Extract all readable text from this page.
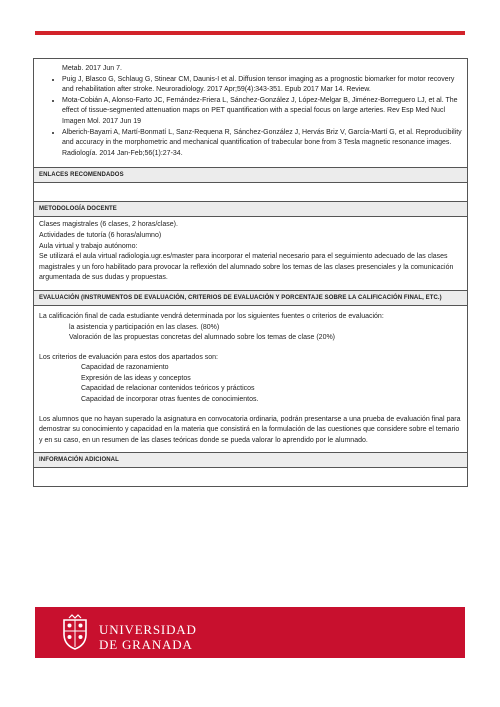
Metab. 2017 Jun 7.
• Puig J, Blasco G, Schlaug G, Stinear CM, Daunis-I et al. Diffusion tensor imaging as a prognostic biomarker for motor recovery and rehabilitation after stroke. Neuroradiology. 2017 Apr;59(4):343-351. Epub 2017 Mar 14. Review.
• Mota-Cobián A, Alonso-Farto JC, Fernández-Friera L, Sánchez-González J, López-Melgar B, Jiménez-Borreguero LJ, et al. The effect of tissue-segmented attenuation maps on PET quantification with a special focus on large arteries. Rev Esp Med Nucl Imagen Mol. 2017 Jun 19
• Alberich-Bayarri A, Martí-Bonmatí L, Sanz-Requena R, Sánchez-González J, Hervás Briz V, García-Martí G, et al. Reproducibility and accuracy in the morphometric and mechanical quantification of trabecular bone from 3 Tesla magnetic resonance images. Radiología. 2014 Jan-Feb;56(1):27-34.
ENLACES RECOMENDADOS
METODOLOGÍA DOCENTE

Clases magistrales (6 clases, 2 horas/clase).

Actividades de tutoría (6 horas/alumno)

Aula virtual y trabajo autónomo:

Se utilizará el aula virtual radiologia.ugr.es/master para incorporar el material necesario para el seguimiento adecuado de las clases magistrales y un foro habilitado para provocar la reflexión del alumnado sobre los temas de las clases presenciales y la comunicación argumentada de sus dudas y propuestas.

EVALUACIÓN (INSTRUMENTOS DE EVALUACIÓN, CRITERIOS DE EVALUACIÓN Y PORCENTAJE SOBRE LA CALIFICACIÓN FINAL, ETC.)

La calificación final de cada estudiante vendrá determinada por los siguientes fuentes o criterios de evaluación:

la asistencia y participación en las clases. (80%)

Valoración de las propuestas concretas del alumnado sobre los temas de clase (20%)

Los criterios de evaluación para estos dos apartados son:

Capacidad de razonamiento

Expresión de las ideas y conceptos

Capacidad de relacionar contenidos teóricos y prácticos

Capacidad de incorporar otras fuentes de conocimientos.

Los alumnos que no hayan superado la asignatura en convocatoria ordinaria, podrán presentarse a una prueba de evaluación final para demostrar su conocimiento y capacidad en la materia que consistirá en la formulación de las cuestiones que considere sobre el temario y en su caso, en un resumen de las clases teóricas donde se pueda valorar lo aprendido por le alumnado.

INFORMACIÓN ADICIONAL
UNIVERSIDAD
DE GRANADA
